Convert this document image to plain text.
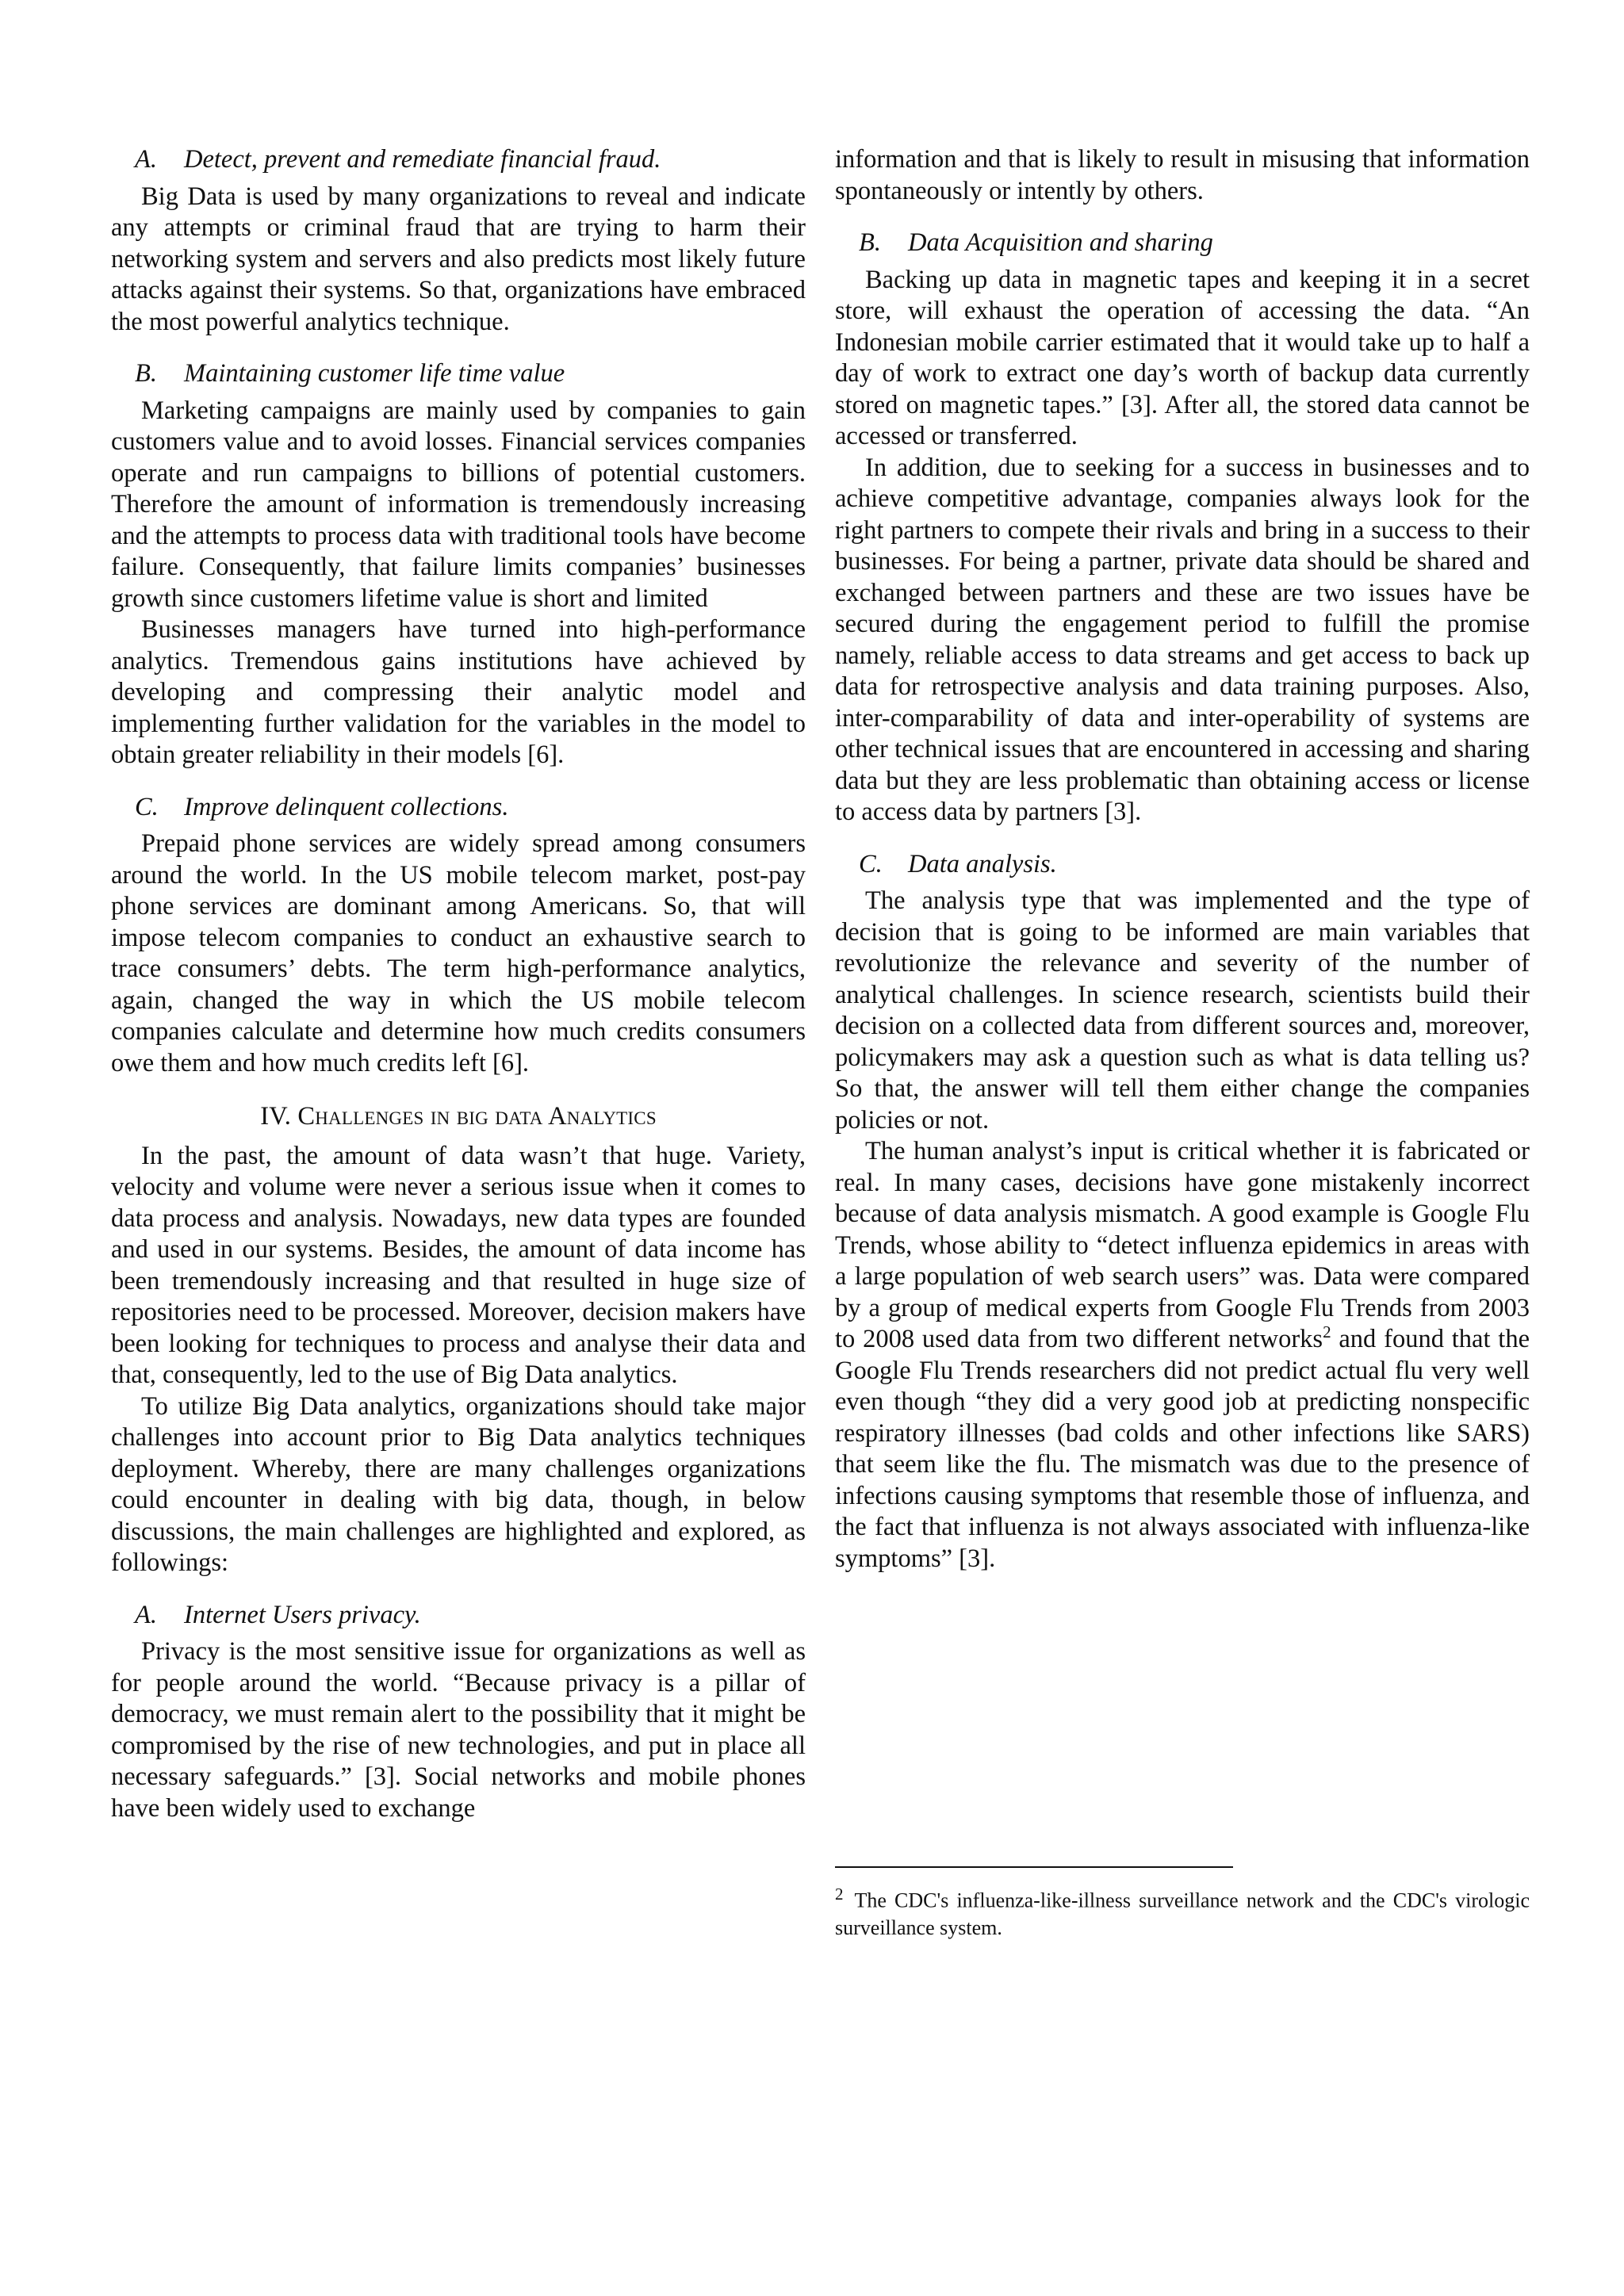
A. Detect, prevent and remediate financial fraud.

Big Data is used by many organizations to reveal and indicate any attempts or criminal fraud that are trying to harm their networking system and servers and also predicts most likely future attacks against their systems. So that, organizations have embraced the most powerful analytics technique.

B. Maintaining customer life time value

Marketing campaigns are mainly used by companies to gain customers value and to avoid losses. Financial services companies operate and run campaigns to billions of potential customers. Therefore the amount of information is tremendously increasing and the attempts to process data with traditional tools have become failure. Consequently, that failure limits companies’ businesses growth since customers lifetime value is short and limited

Businesses managers have turned into high-performance analytics. Tremendous gains institutions have achieved by developing and compressing their analytic model and implementing further validation for the variables in the model to obtain greater reliability in their models [6].

C. Improve delinquent collections.

Prepaid phone services are widely spread among consumers around the world. In the US mobile telecom market, post-pay phone services are dominant among Americans. So, that will impose telecom companies to conduct an exhaustive search to trace consumers’ debts. The term high-performance analytics, again, changed the way in which the US mobile telecom companies calculate and determine how much credits consumers owe them and how much credits left [6].

IV. Challenges in big data Analytics

In the past, the amount of data wasn’t that huge. Variety, velocity and volume were never a serious issue when it comes to data process and analysis. Nowadays, new data types are founded and used in our systems. Besides, the amount of data income has been tremendously increasing and that resulted in huge size of repositories need to be processed. Moreover, decision makers have been looking for techniques to process and analyse their data and that, consequently, led to the use of Big Data analytics.

To utilize Big Data analytics, organizations should take major challenges into account prior to Big Data analytics techniques deployment. Whereby, there are many challenges organizations could encounter in dealing with big data, though, in below discussions, the main challenges are highlighted and explored, as followings:

A. Internet Users privacy.

Privacy is the most sensitive issue for organizations as well as for people around the world. “Because privacy is a pillar of democracy, we must remain alert to the possibility that it might be compromised by the rise of new technologies, and put in place all necessary safeguards.” [3]. Social networks and mobile phones have been widely used to exchange

information and that is likely to result in misusing that information spontaneously or intently by others.

B. Data Acquisition and sharing

Backing up data in magnetic tapes and keeping it in a secret store, will exhaust the operation of accessing the data. “An Indonesian mobile carrier estimated that it would take up to half a day of work to extract one day’s worth of backup data currently stored on magnetic tapes.” [3]. After all, the stored data cannot be accessed or transferred.

In addition, due to seeking for a success in businesses and to achieve competitive advantage, companies always look for the right partners to compete their rivals and bring in a success to their businesses. For being a partner, private data should be shared and exchanged between partners and these are two issues have be secured during the engagement period to fulfill the promise namely, reliable access to data streams and get access to back up data for retrospective analysis and data training purposes. Also, inter-comparability of data and inter-operability of systems are other technical issues that are encountered in accessing and sharing data but they are less problematic than obtaining access or license to access data by partners [3].

C. Data analysis.

The analysis type that was implemented and the type of decision that is going to be informed are main variables that revolutionize the relevance and severity of the number of analytical challenges. In science research, scientists build their decision on a collected data from different sources and, moreover, policymakers may ask a question such as what is data telling us? So that, the answer will tell them either change the companies policies or not.

The human analyst’s input is critical whether it is fabricated or real. In many cases, decisions have gone mistakenly incorrect because of data analysis mismatch. A good example is Google Flu Trends, whose ability to “detect influenza epidemics in areas with a large population of web search users” was. Data were compared by a group of medical experts from Google Flu Trends from 2003 to 2008 used data from two different networks$^2$ and found that the Google Flu Trends researchers did not predict actual flu very well even though “they did a very good job at predicting nonspecific respiratory illnesses (bad colds and other infections like SARS) that seem like the flu. The mismatch was due to the presence of infections causing symptoms that resemble those of influenza, and the fact that influenza is not always associated with influenza-like symptoms” [3].

$^2$ The CDC's influenza-like-illness surveillance network and the CDC's virologic surveillance system.
